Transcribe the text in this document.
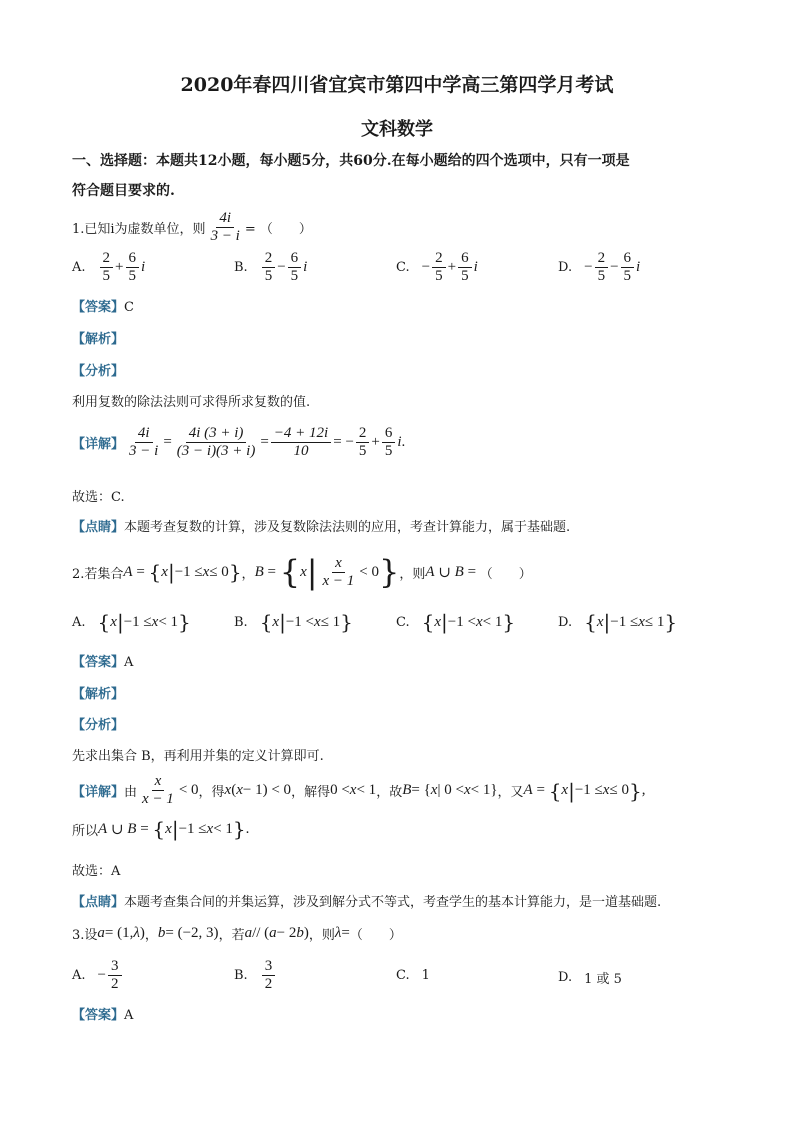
2020年春四川省宜宾市第四中学高三第四学月考试
文科数学
一、选择题：本题共12小题，每小题5分，共60分.在每小题给的四个选项中，只有一项是
符合题目要求的.
1.已知i为虚数单位，则 $\frac{4i}{3 - i}$ = （　　）
A. $\frac{2}{5} + \frac{6}{5}$ i	B. $\frac{2}{5} - \frac{6}{5}$ i	C. − $\frac{2}{5} + \frac{6}{5}$ i	D. − $\frac{2}{5} - \frac{6}{5}$ i
【答案】C
【解析】
【分析】
利用复数的除法法则可求得所求复数的值.
【详解】 $\frac{4i}{3 - i} = \frac{4i (3 + i)}{(3 - i)(3 + i)} = \frac{-4 + 12i}{10}$ = − $\frac{2}{5} + \frac{6}{5}$ i .
故选：C.
【点睛】本题考查复数的计算，涉及复数除法法则的应用，考查计算能力，属于基础题.
2.若集合 A = { x | −1 ≤ x ≤ 0 } ， B = { x | $\frac{x}{x - 1} < 0$ } ，则 A ∪ B = （　　）
A. { x | −1 ≤ x < 1 }	B. { x | −1 < x ≤ 1 }	C. { x | −1 < x < 1 }	D. { x | −1 ≤ x ≤ 1 }
【答案】A
【解析】
【分析】
先求出集合 B，再利用并集的定义计算即可.
【详解】 由 $\frac{x}{x - 1} < 0$ ，得 x ( x − 1) < 0 ，解得 0 < x < 1 ，故 B = { x | 0 < x < 1} ，又 A = { x | −1 ≤ x ≤ 0 } ,
所以 A ∪ B = { x | −1 ≤ x < 1 } .
故选：A
【点睛】本题考查集合间的并集运算，涉及到解分式不等式，考查学生的基本计算能力，是一道基础题.
3.设 a = (1, λ ) ， b = (−2, 3) ，若 a // ( a − 2 b ) ，则 λ = （　　）
A. − $\frac{3}{2}$	B. $\frac{3}{2}$	C. 1	D. 1 或 5
【答案】A
